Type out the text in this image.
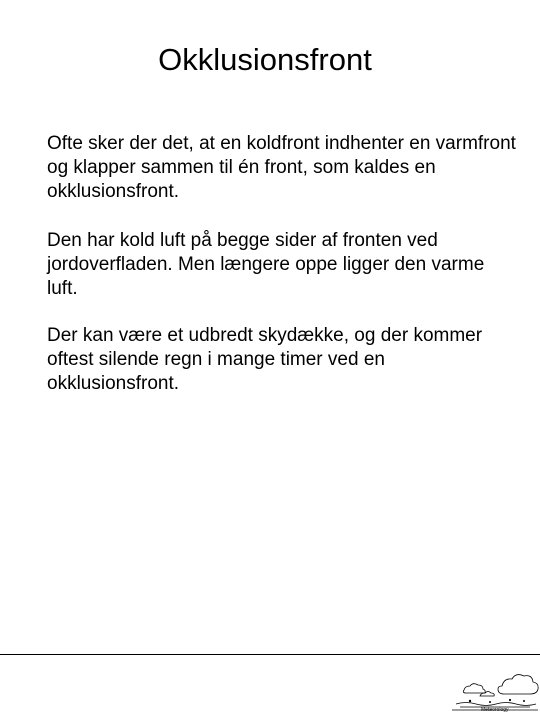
Okklusionsfront

Ofte sker der det, at en koldfront indhenter en varmfront og klapper sammen til én front, som kaldes en okklusionsfront.

Den har kold luft på begge sider af fronten ved jordoverfladen. Men længere oppe ligger den varme luft.

Der kan være et udbredt skydække, og der kommer oftest silende regn i mange timer ved en okklusionsfront.

Meteorology
